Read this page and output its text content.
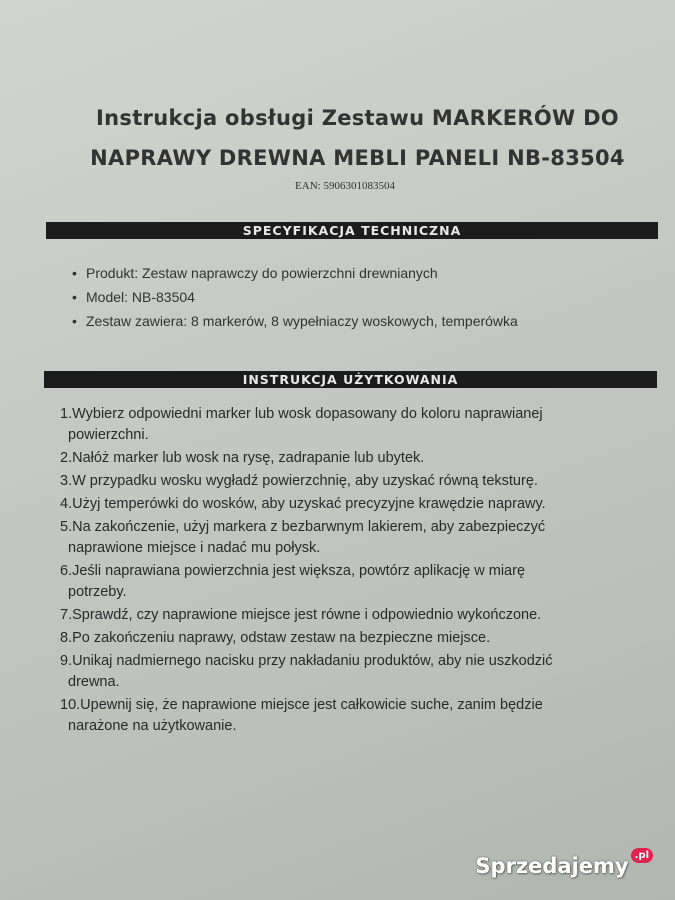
Instrukcja obsługi Zestawu MARKERÓW DO
NAPRAWY DREWNA MEBLI PANELI NB-83504
EAN: 5906301083504
SPECYFIKACJA TECHNICZNA
• Produkt: Zestaw naprawczy do powierzchni drewnianych
• Model: NB-83504
• Zestaw zawiera: 8 markerów, 8 wypełniaczy woskowych, temperówka
INSTRUKCJA UŻYTKOWANIA
1.Wybierz odpowiedni marker lub wosk dopasowany do koloru naprawianej
powierzchni.
2.Nałóż marker lub wosk na rysę, zadrapanie lub ubytek.
3.W przypadku wosku wygładź powierzchnię, aby uzyskać równą teksturę.
4.Użyj temperówki do wosków, aby uzyskać precyzyjne krawędzie naprawy.
5.Na zakończenie, użyj markera z bezbarwnym lakierem, aby zabezpieczyć
naprawione miejsce i nadać mu połysk.
6.Jeśli naprawiana powierzchnia jest większa, powtórz aplikację w miarę
potrzeby.
7.Sprawdź, czy naprawione miejsce jest równe i odpowiednio wykończone.
8.Po zakończeniu naprawy, odstaw zestaw na bezpieczne miejsce.
9.Unikaj nadmiernego nacisku przy nakładaniu produktów, aby nie uszkodzić
drewna.
10.Upewnij się, że naprawione miejsce jest całkowicie suche, zanim będzie
narażone na użytkowanie.
Sprzedajemy .pl
